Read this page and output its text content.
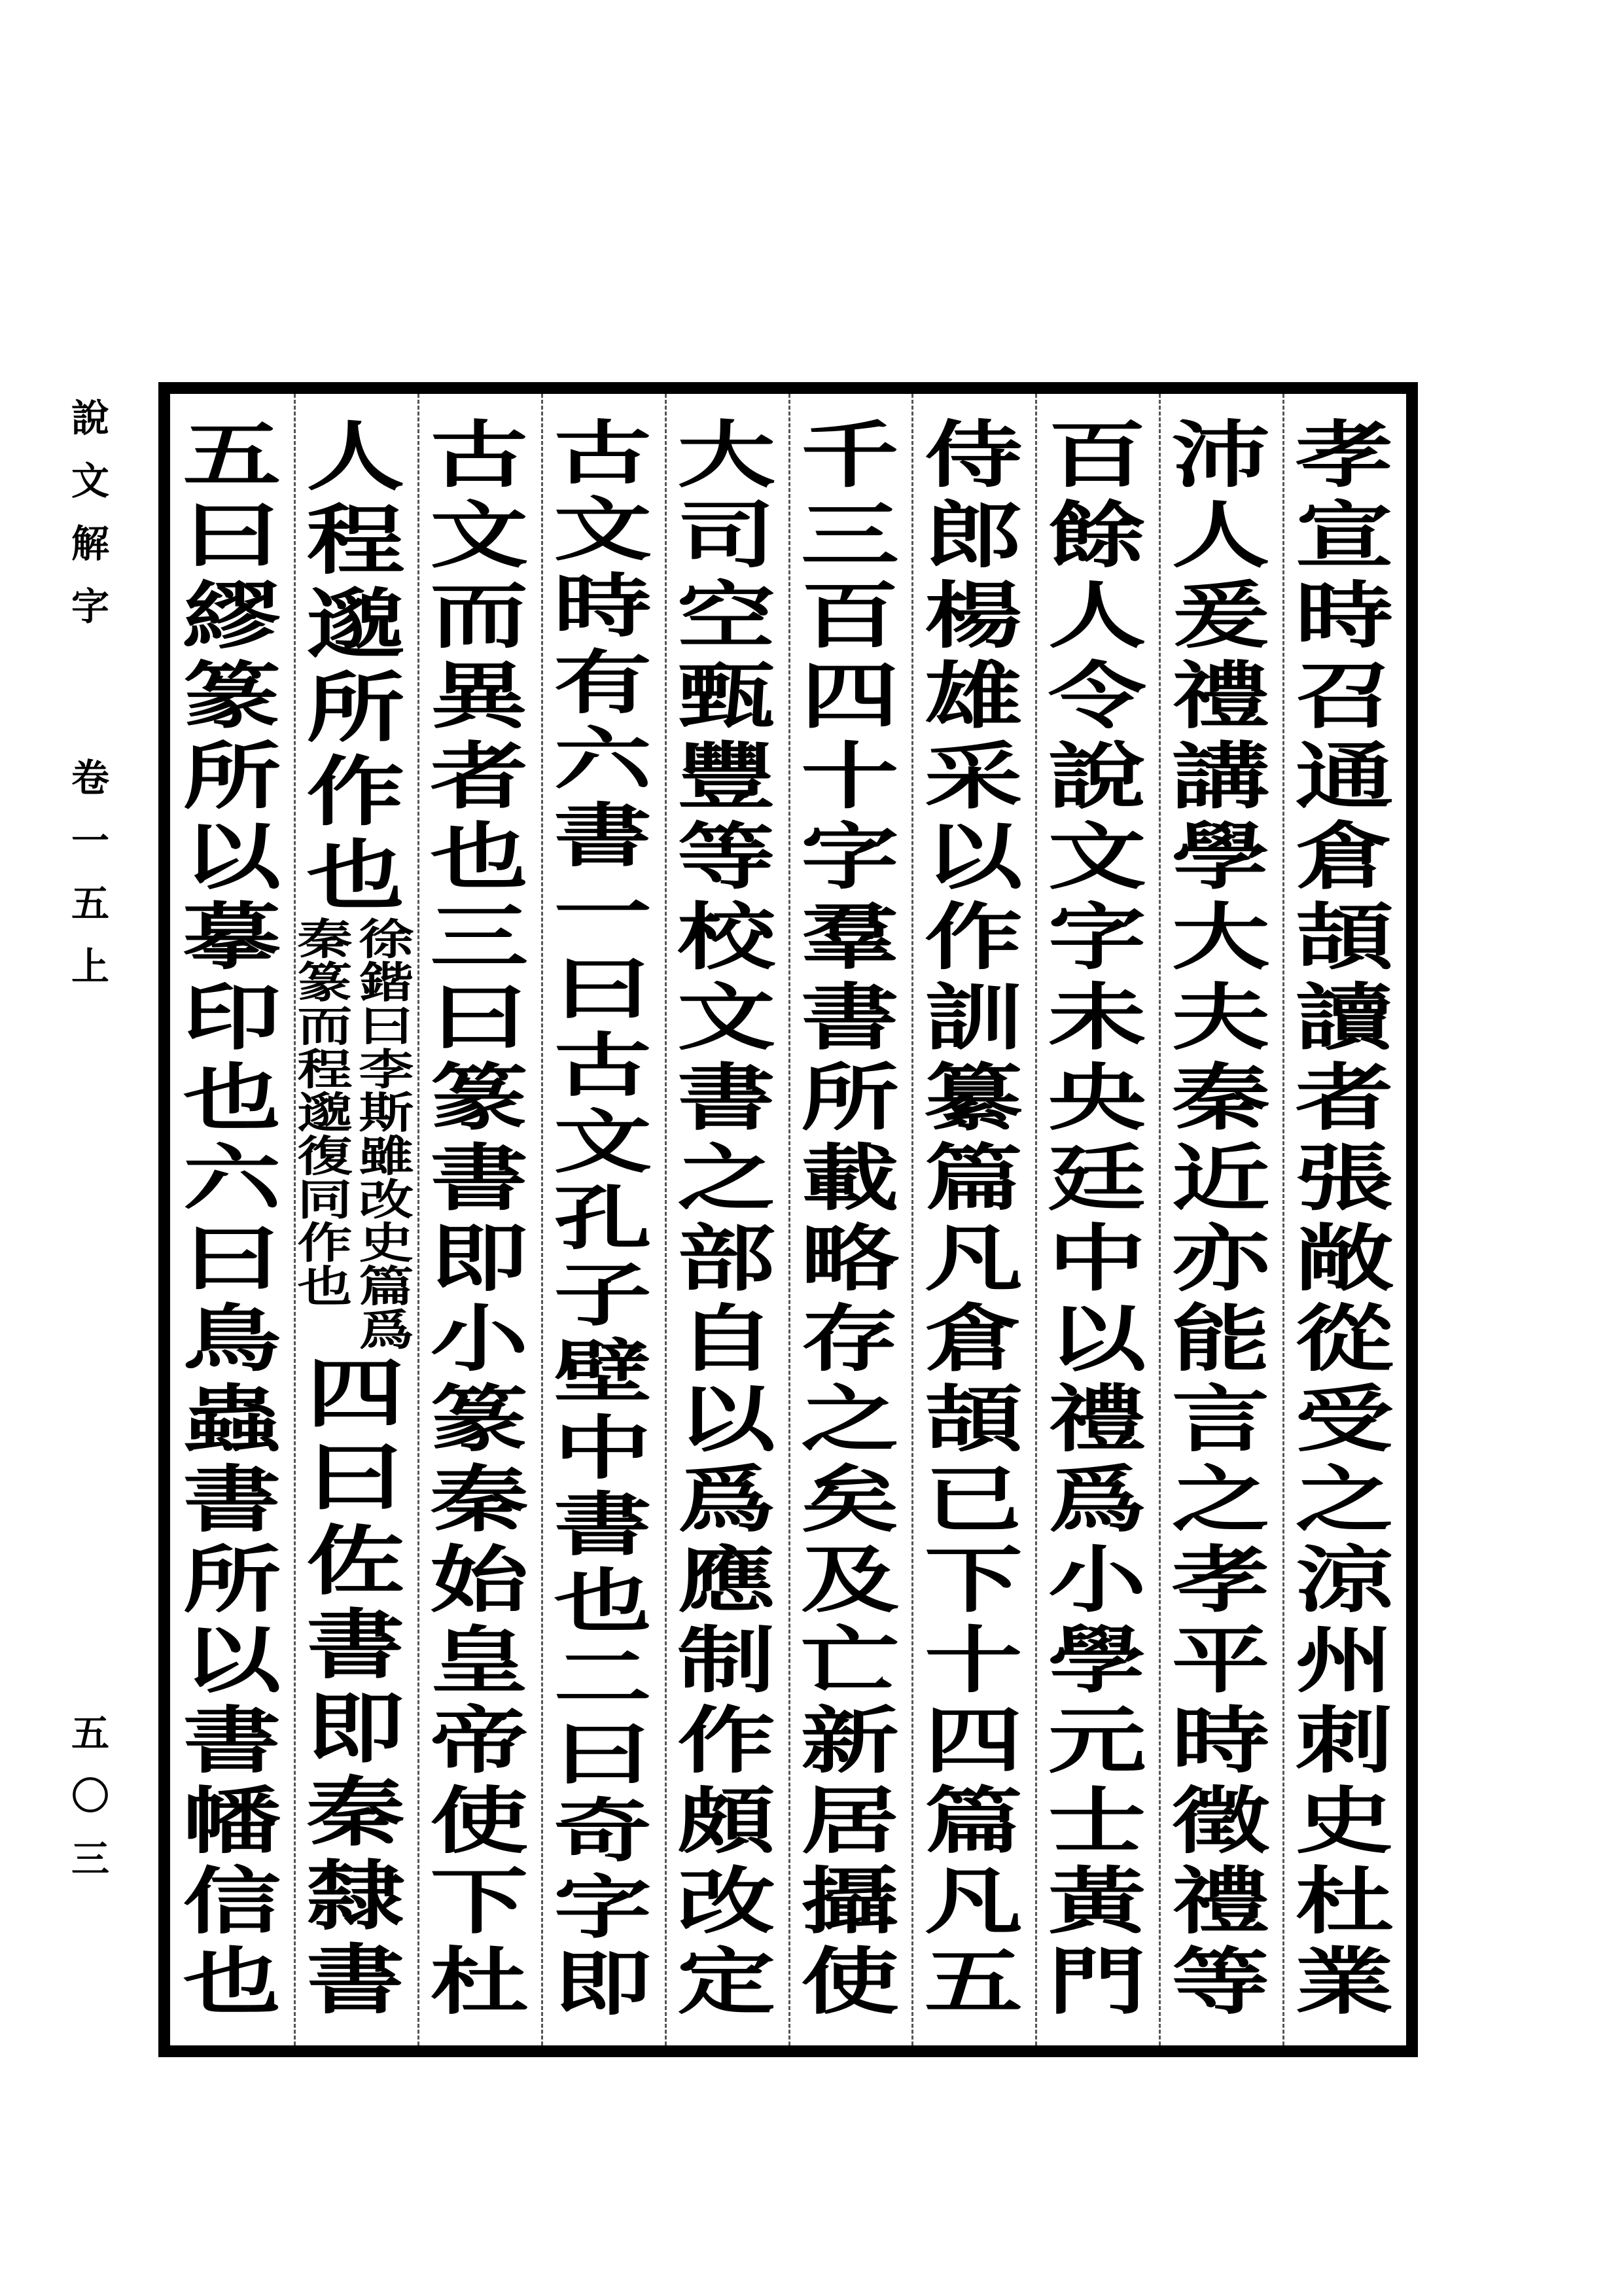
說
文
解
字
卷
一
五
上
五
〇
三
孝
宣
時
召
通
倉
頡
讀
者
張
敞
從
受
之
涼
州
刺
史
杜
業
沛
人
爰
禮
講
學
大
夫
秦
近
亦
能
言
之
孝
平
時
徵
禮
等
百
餘
人
令
說
文
字
未
央
廷
中
以
禮
爲
小
學
元
士
黃
門
侍
郎
楊
雄
采
以
作
訓
纂
篇
凡
倉
頡
已
下
十
四
篇
凡
五
千
三
百
四
十
字
羣
書
所
載
略
存
之
矣
及
亡
新
居
攝
使
大
司
空
甄
豐
等
校
文
書
之
部
自
以
爲
應
制
作
頗
改
定
古
文
時
有
六
書
一
曰
古
文
孔
子
壁
中
書
也
二
曰
奇
字
即
古
文
而
異
者
也
三
曰
篆
書
即
小
篆
秦
始
皇
帝
使
下
杜
人
程
邈
所
作
也
徐
鍇
曰
李
斯
雖
改
史
篇
爲
秦
篆
而
程
邈
復
同
作
也
四
曰
佐
書
即
秦
隸
書
五
曰
繆
篆
所
以
摹
印
也
六
曰
鳥
蟲
書
所
以
書
幡
信
也
